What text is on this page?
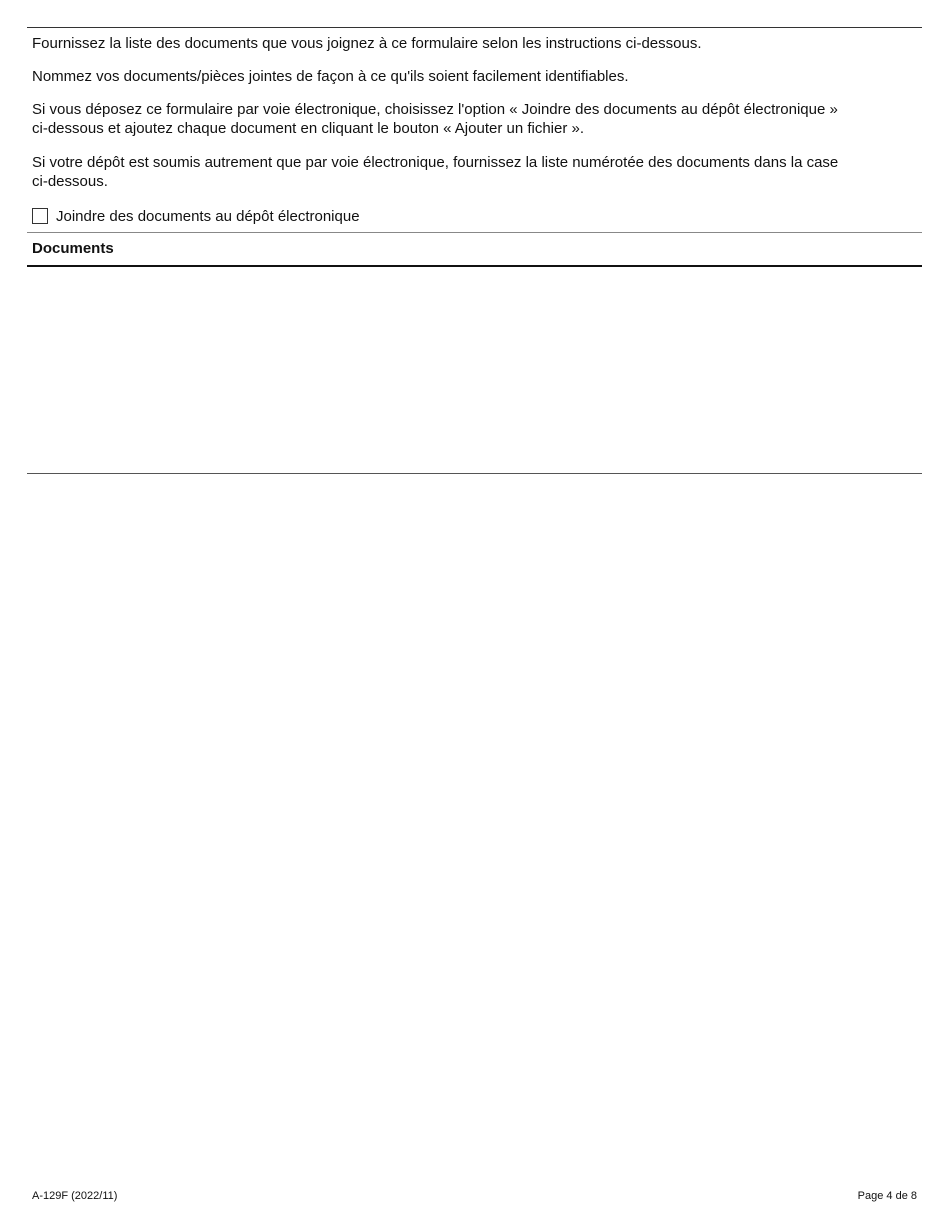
Fournissez la liste des documents que vous joignez à ce formulaire selon les instructions ci-dessous.

Nommez vos documents/pièces jointes de façon à ce qu'ils soient facilement identifiables.

Si vous déposez ce formulaire par voie électronique, choisissez l'option « Joindre des documents au dépôt électronique »
ci-dessous et ajoutez chaque document en cliquant le bouton « Ajouter un fichier ».

Si votre dépôt est soumis autrement que par voie électronique, fournissez la liste numérotée des documents dans la case
ci-dessous.

Joindre des documents au dépôt électronique
Documents
A-129F (2022/11)	Page 4 de 8
